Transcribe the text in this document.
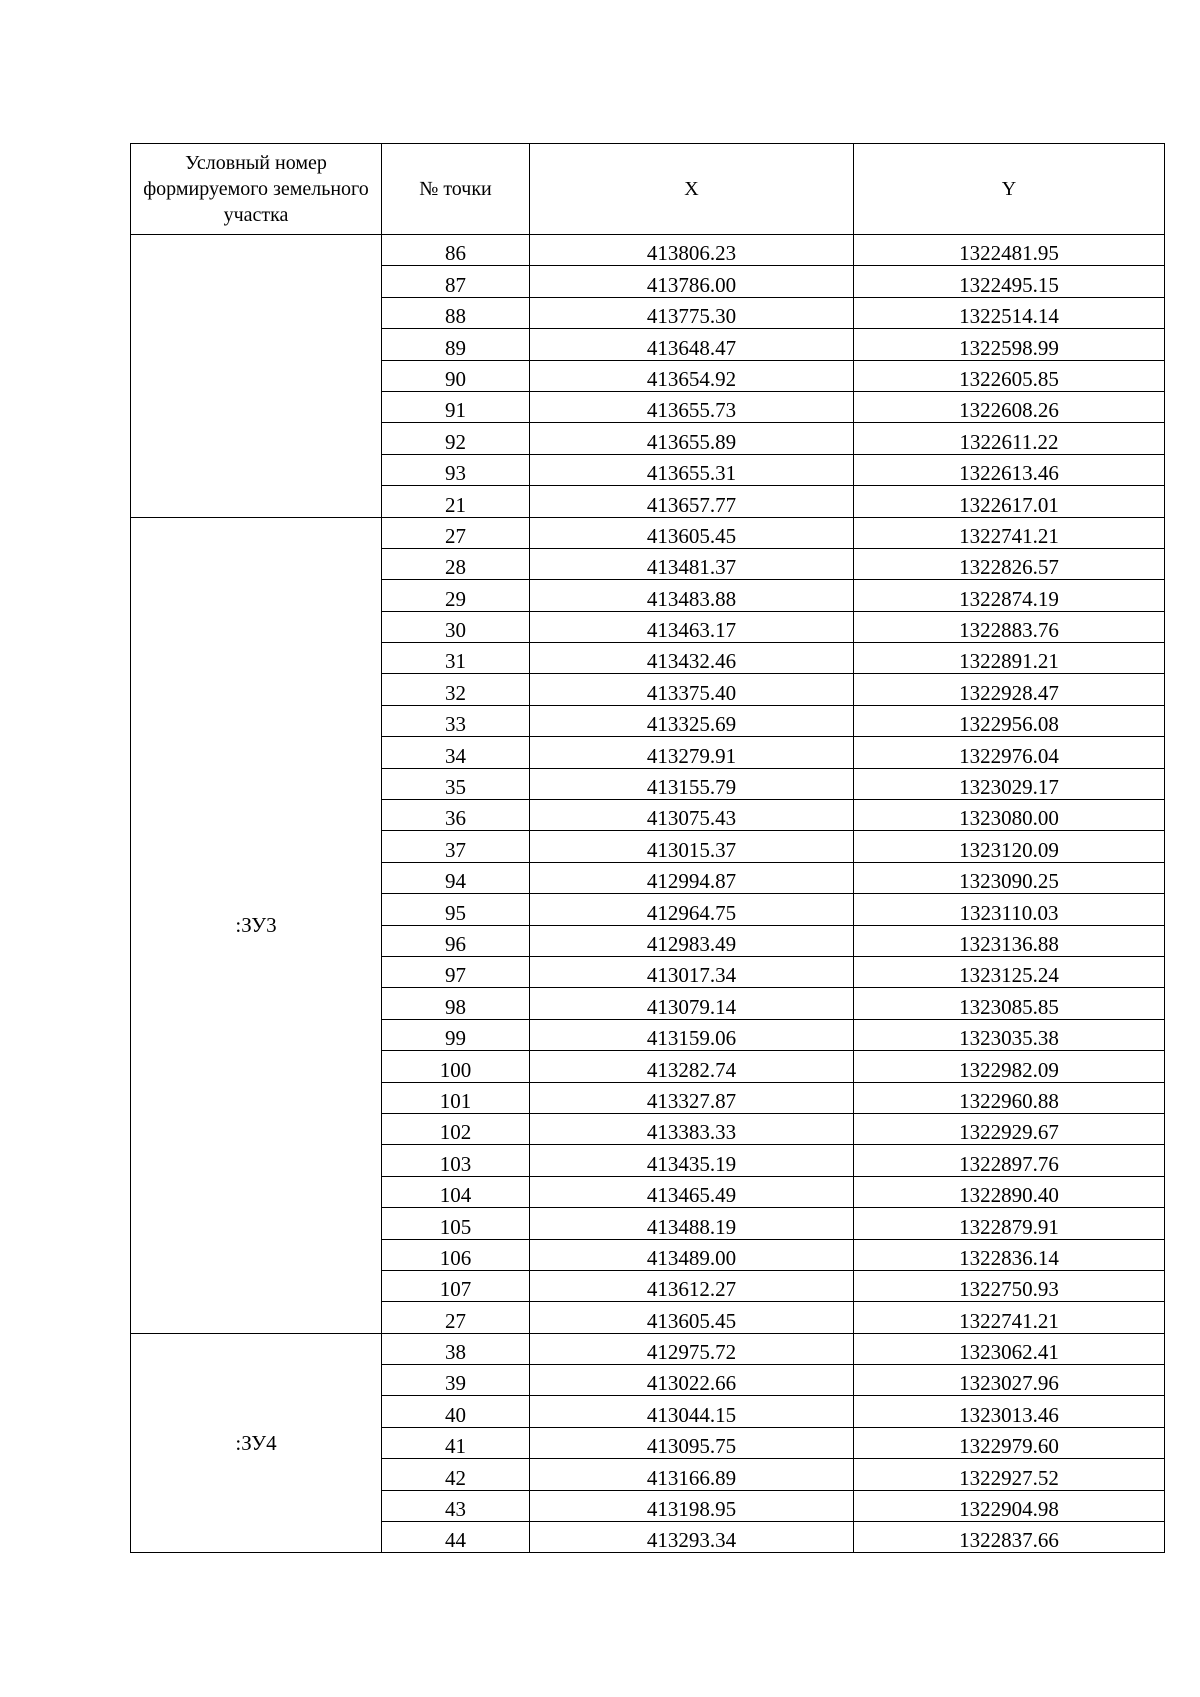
Условный номер формируемого земельного участка	№ точки	X	Y
	86	413806.23	1322481.95
	87	413786.00	1322495.15
	88	413775.30	1322514.14
	89	413648.47	1322598.99
	90	413654.92	1322605.85
	91	413655.73	1322608.26
	92	413655.89	1322611.22
	93	413655.31	1322613.46
	21	413657.77	1322617.01
:ЗУ3	27	413605.45	1322741.21
	28	413481.37	1322826.57
	29	413483.88	1322874.19
	30	413463.17	1322883.76
	31	413432.46	1322891.21
	32	413375.40	1322928.47
	33	413325.69	1322956.08
	34	413279.91	1322976.04
	35	413155.79	1323029.17
	36	413075.43	1323080.00
	37	413015.37	1323120.09
	94	412994.87	1323090.25
	95	412964.75	1323110.03
	96	412983.49	1323136.88
	97	413017.34	1323125.24
	98	413079.14	1323085.85
	99	413159.06	1323035.38
	100	413282.74	1322982.09
	101	413327.87	1322960.88
	102	413383.33	1322929.67
	103	413435.19	1322897.76
	104	413465.49	1322890.40
	105	413488.19	1322879.91
	106	413489.00	1322836.14
	107	413612.27	1322750.93
	27	413605.45	1322741.21
:ЗУ4	38	412975.72	1323062.41
	39	413022.66	1323027.96
	40	413044.15	1323013.46
	41	413095.75	1322979.60
	42	413166.89	1322927.52
	43	413198.95	1322904.98
	44	413293.34	1322837.66
